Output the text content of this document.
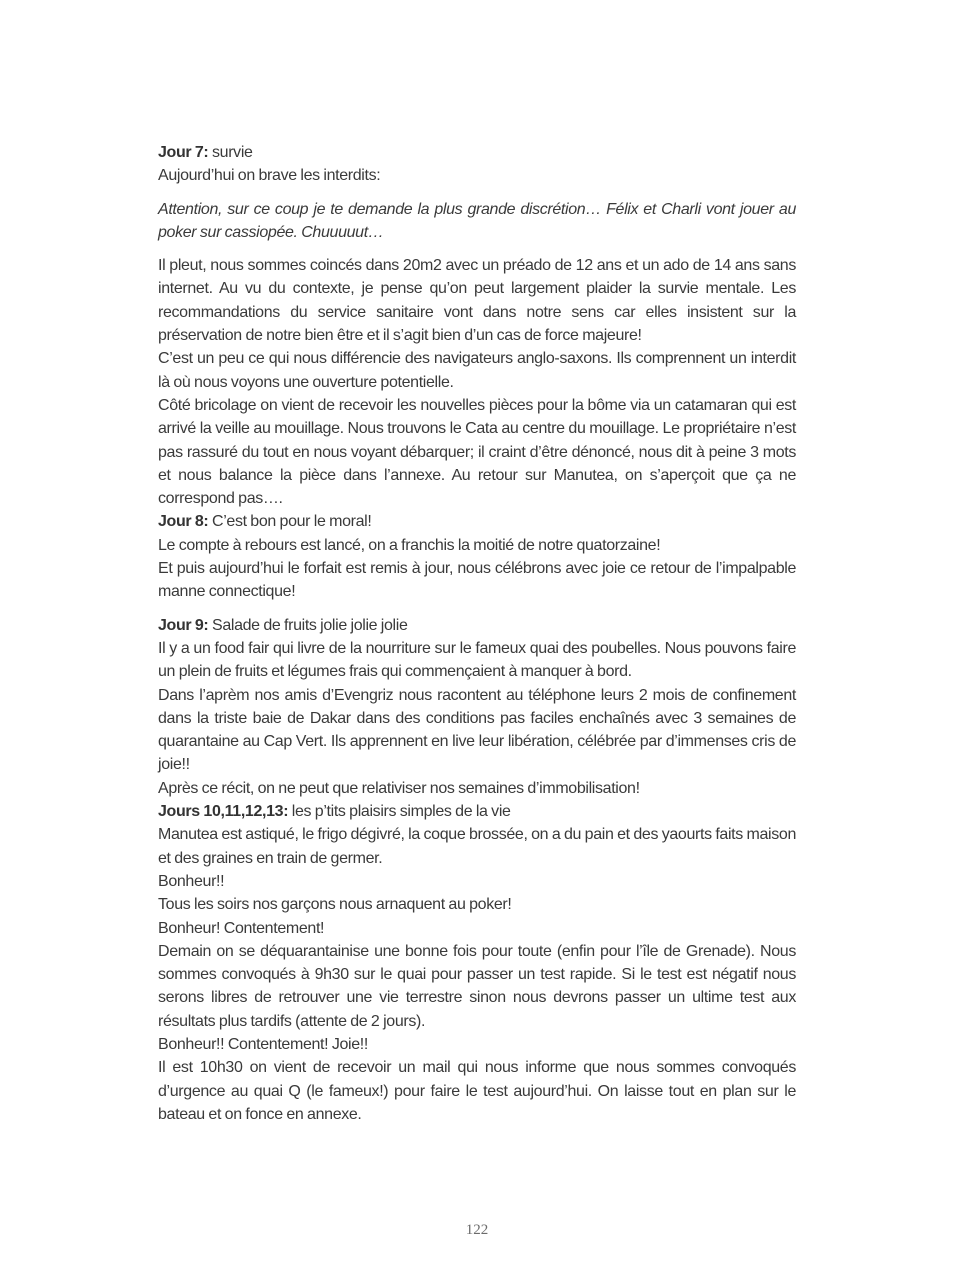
Jour 7: survie

Aujourd’hui on brave les interdits:

Attention, sur ce coup je te demande la plus grande discrétion… Félix et Charli vont jouer au poker sur cassiopée. Chuuuuut…

Il pleut, nous sommes coincés dans 20m2 avec un préado de 12 ans et un ado de 14 ans sans internet. Au vu du contexte, je pense qu’on peut largement plaider la survie mentale. Les recommandations du service sanitaire vont dans notre sens car elles insistent sur la préservation de notre bien être et il s’agit bien d’un cas de force majeure!

C’est un peu ce qui nous différencie des navigateurs anglo-saxons. Ils comprennent un interdit là où nous voyons une ouverture potentielle.

Côté bricolage on vient de recevoir les nouvelles pièces pour la bôme via un catamaran qui est arrivé la veille au mouillage. Nous trouvons le Cata au centre du mouillage. Le propriétaire n’est pas rassuré du tout en nous voyant débarquer; il craint d’être dénoncé, nous dit à peine 3 mots et nous balance la pièce dans l’annexe. Au retour sur Manutea, on s’aperçoit que ça ne correspond pas….

Jour 8: C’est bon pour le moral!

Le compte à rebours est lancé, on a franchis la moitié de notre quatorzaine!

Et puis aujourd’hui le forfait est remis à jour, nous célébrons avec joie ce retour de l’impalpable manne connectique!

Jour 9: Salade de fruits jolie jolie jolie

Il y a un food fair qui livre de la nourriture sur le fameux quai des poubelles. Nous pouvons faire un plein de fruits et légumes frais qui commençaient à manquer à bord.

Dans l’aprèm nos amis d’Evengriz nous racontent au téléphone leurs 2 mois de confinement dans la triste baie de Dakar dans des conditions pas faciles enchaînés avec 3 semaines de quarantaine au Cap Vert. Ils apprennent en live leur libération, célébrée par d’immenses cris de joie!!

Après ce récit, on ne peut que relativiser nos semaines d’immobilisation!

Jours 10,11,12,13: les p’tits plaisirs simples de la vie

Manutea est astiqué, le frigo dégivré, la coque brossée, on a du pain et des yaourts faits maison et des graines en train de germer.

Bonheur!!

Tous les soirs nos garçons nous arnaquent au poker!

Bonheur! Contentement!

Demain on se déquarantainise une bonne fois pour toute (enfin pour l’île de Grenade). Nous sommes convoqués à 9h30 sur le quai pour passer un test rapide. Si le test est négatif nous serons libres de retrouver une vie terrestre sinon nous devrons passer un ultime test aux résultats plus tardifs (attente de 2 jours).

Bonheur!! Contentement! Joie!!

Il est 10h30 on vient de recevoir un mail qui nous informe que nous sommes convoqués d’urgence au quai Q (le fameux!) pour faire le test aujourd’hui. On laisse tout en plan sur le bateau et on fonce en annexe.

122
